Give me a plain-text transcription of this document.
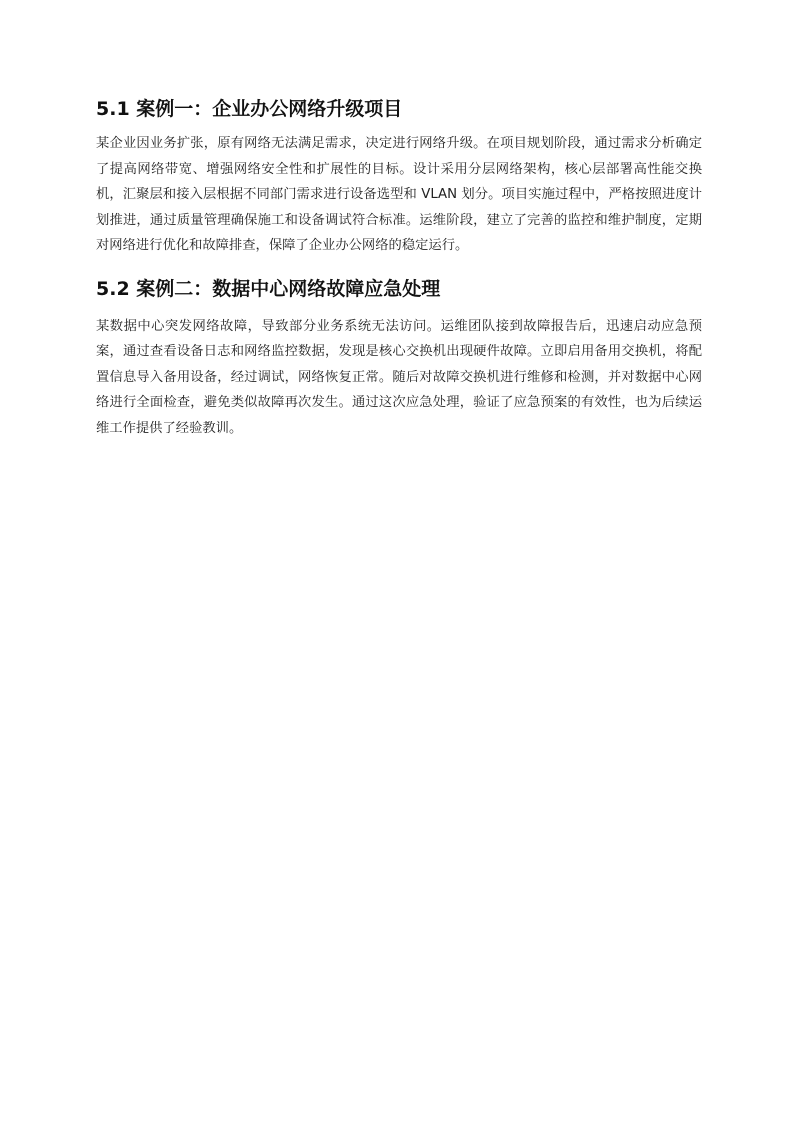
5.1 案例一：企业办公网络升级项目

某企业因业务扩张，原有网络无法满足需求，决定进行网络升级。在项目规划阶段，通过需求分析确定了提高网络带宽、增强网络安全性和扩展性的目标。设计采用分层网络架构，核心层部署高性能交换机，汇聚层和接入层根据不同部门需求进行设备选型和 VLAN 划分。项目实施过程中，严格按照进度计划推进，通过质量管理确保施工和设备调试符合标准。运维阶段，建立了完善的监控和维护制度，定期对网络进行优化和故障排查，保障了企业办公网络的稳定运行。

5.2 案例二：数据中心网络故障应急处理

某数据中心突发网络故障，导致部分业务系统无法访问。运维团队接到故障报告后，迅速启动应急预案，通过查看设备日志和网络监控数据，发现是核心交换机出现硬件故障。立即启用备用交换机，将配置信息导入备用设备，经过调试，网络恢复正常。随后对故障交换机进行维修和检测，并对数据中心网络进行全面检查，避免类似故障再次发生。通过这次应急处理，验证了应急预案的有效性，也为后续运维工作提供了经验教训。
